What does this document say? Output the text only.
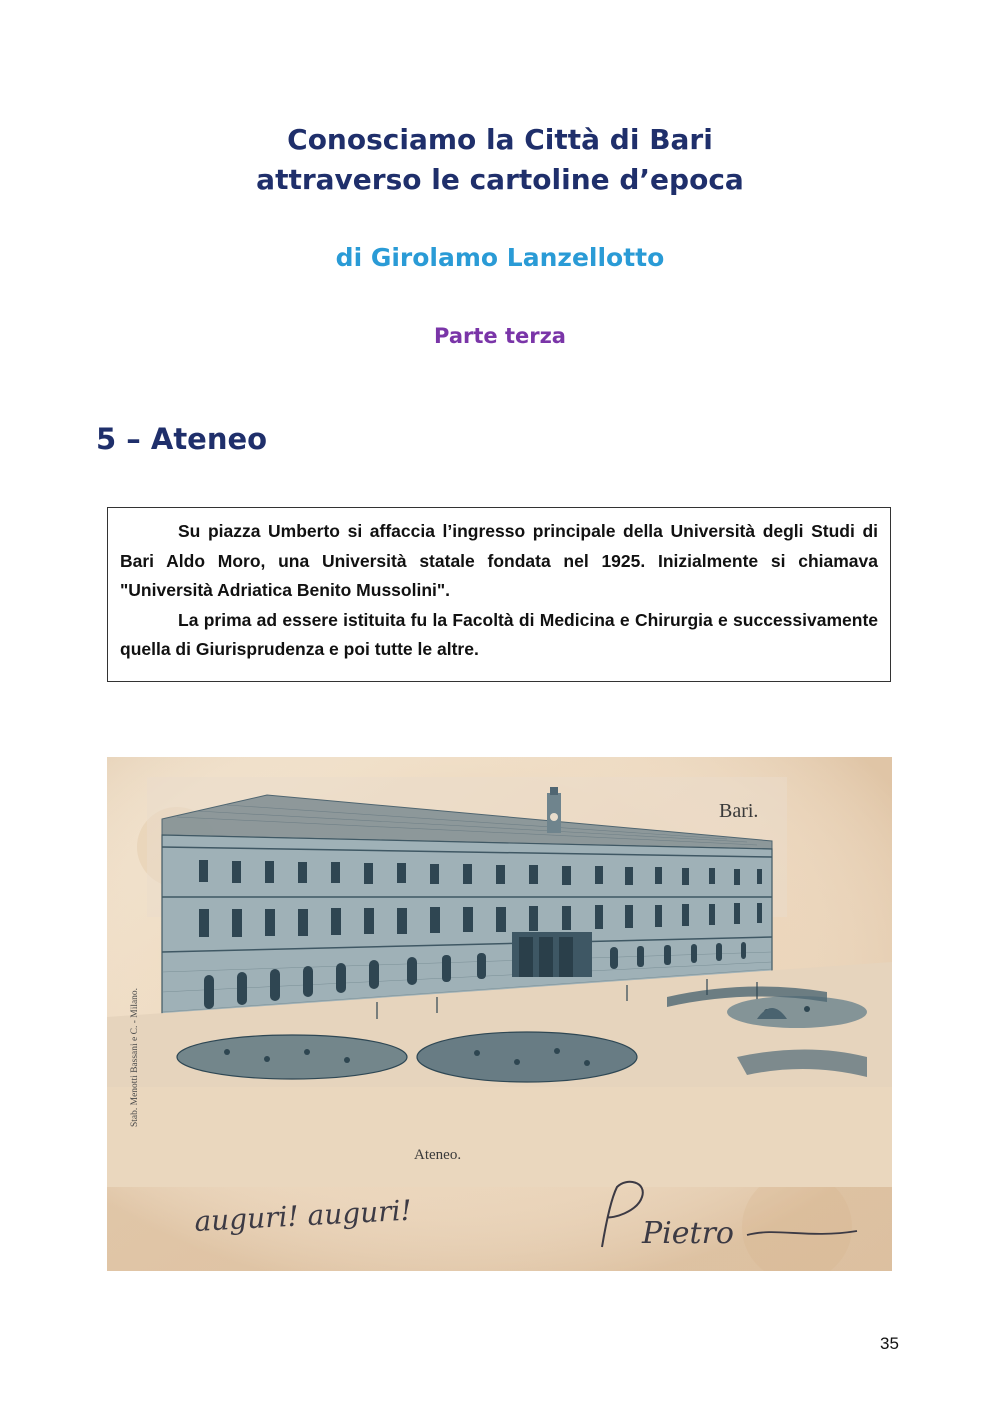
Conosciamo la Città di Bari
attraverso le cartoline d’epoca
di Girolamo Lanzellotto
Parte terza
5 – Ateneo

Su piazza Umberto si affaccia l’ingresso principale della Università degli Studi di Bari Aldo Moro, una Università statale fondata nel 1925. Inizialmente si chiamava "Università Adriatica Benito Mussolini".

La prima ad essere istituita fu la Facoltà di Medicina e Chirurgia e successivamente quella di Giurisprudenza e poi tutte le altre.

Bari.
Ateneo.
Stab. Menotti Bassani e C. - Milano.
auguri! auguri!	Pietro
35
